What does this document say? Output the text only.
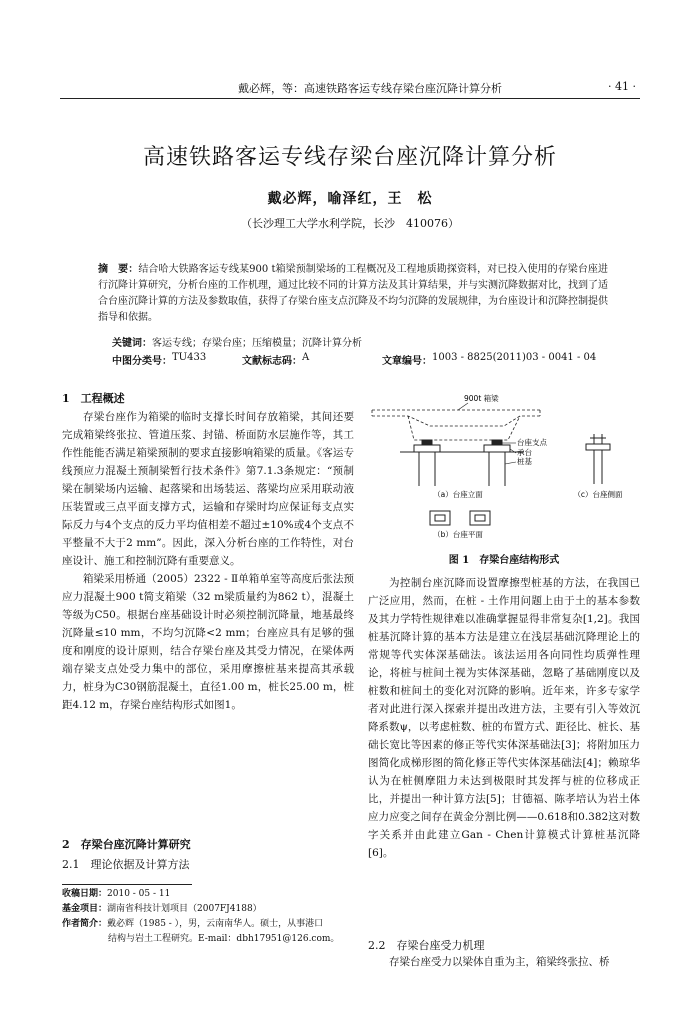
戴必辉，等：高速铁路客运专线存梁台座沉降计算分析	· 41 ·
高速铁路客运专线存梁台座沉降计算分析
戴必辉，喻泽红，王　松
（长沙理工大学水利学院，长沙　410076）
摘　要：结合哈大铁路客运专线某900 t箱梁预制梁场的工程概况及工程地质勘探资料，对已投入使用的存梁台座进行沉降计算研究，分析台座的工作机理，通过比较不同的计算方法及其计算结果，并与实测沉降数据对比，找到了适合台座沉降计算的方法及参数取值，获得了存梁台座支点沉降及不均匀沉降的发展规律，为台座设计和沉降控制提供指导和依据。
关键词：客运专线；存梁台座；压缩模量；沉降计算分析
中图分类号： TU433	文献标志码： A	文章编号： 1003 - 8825(2011)03 - 0041 - 04
1　工程概述

存梁台座作为箱梁的临时支撑长时间存放箱梁，其间还要完成箱梁终张拉、管道压浆、封锚、桥面防水层施作等，其工作性能能否满足箱梁预制的要求直接影响箱梁的质量。《客运专线预应力混凝土预制梁暂行技术条件》第7.1.3条规定：“预制梁在制梁场内运输、起落梁和出场装运、落梁均应采用联动液压装置或三点平面支撑方式，运输和存梁时均应保证每支点实际反力与4个支点的反力平均值相差不超过±10%或4个支点不平整量不大于2 mm”。因此，深入分析台座的工作特性，对台座设计、施工和控制沉降有重要意义。

箱梁采用桥通（2005）2322 - Ⅱ单箱单室等高度后张法预应力混凝土900 t简支箱梁（32 m梁质量约为862 t），混凝土等级为C50。根据台座基础设计时必须控制沉降量，地基最终沉降量≤10 mm，不均匀沉降<2 mm；台座应具有足够的强度和刚度的设计原则，结合存梁台座及其受力情况，在梁体两端存梁支点处受力集中的部位，采用摩擦桩基来提高其承载力，桩身为C30钢筋混凝土，直径1.00 m，桩长25.00 m，桩距4.12 m，存梁台座结构形式如图1。

2　存梁台座沉降计算研究
2.1　理论依据及计算方法
收稿日期：2010 - 05 - 11
基金项目：湖南省科技计划项目（2007FJ4188）
作者简介：戴必辉（1985 - ），男，云南南华人。硕士，从事港口
结构与岩土工程研究。E-mail：dbh17951@126.com。
900t 箱梁
台座支点
承台
桩基
（a）台座立面	（c）台座侧面
（b）台座平面
图 1　存梁台座结构形式

为控制台座沉降而设置摩擦型桩基的方法，在我国已广泛应用，然而，在桩 - 土作用问题上由于土的基本参数及其力学特性规律难以准确掌握显得非常复杂[1,2]。我国桩基沉降计算的基本方法是建立在浅层基础沉降理论上的常规等代实体深基础法。该法运用各向同性均质弹性理论，将桩与桩间土视为实体深基础，忽略了基础刚度以及桩数和桩间土的变化对沉降的影响。近年来，许多专家学者对此进行深入探索并提出改进方法，主要有引入等效沉降系数ψ，以考虑桩数、桩的布置方式、距径比、桩长、基础长宽比等因素的修正等代实体深基础法[3]；将附加压力图简化成梯形图的简化修正等代实体深基础法[4]；赖琼华认为在桩侧摩阻力未达到极限时其发挥与桩的位移成正比，并提出一种计算方法[5]；甘德福、陈孝培认为岩土体应力应变之间存在黄金分割比例——0.618和0.382这对数字关系并由此建立Gan - Chen计算模式计算桩基沉降[6]。

2.2　存梁台座受力机理

存梁台座受力以梁体自重为主，箱梁终张拉、桥
